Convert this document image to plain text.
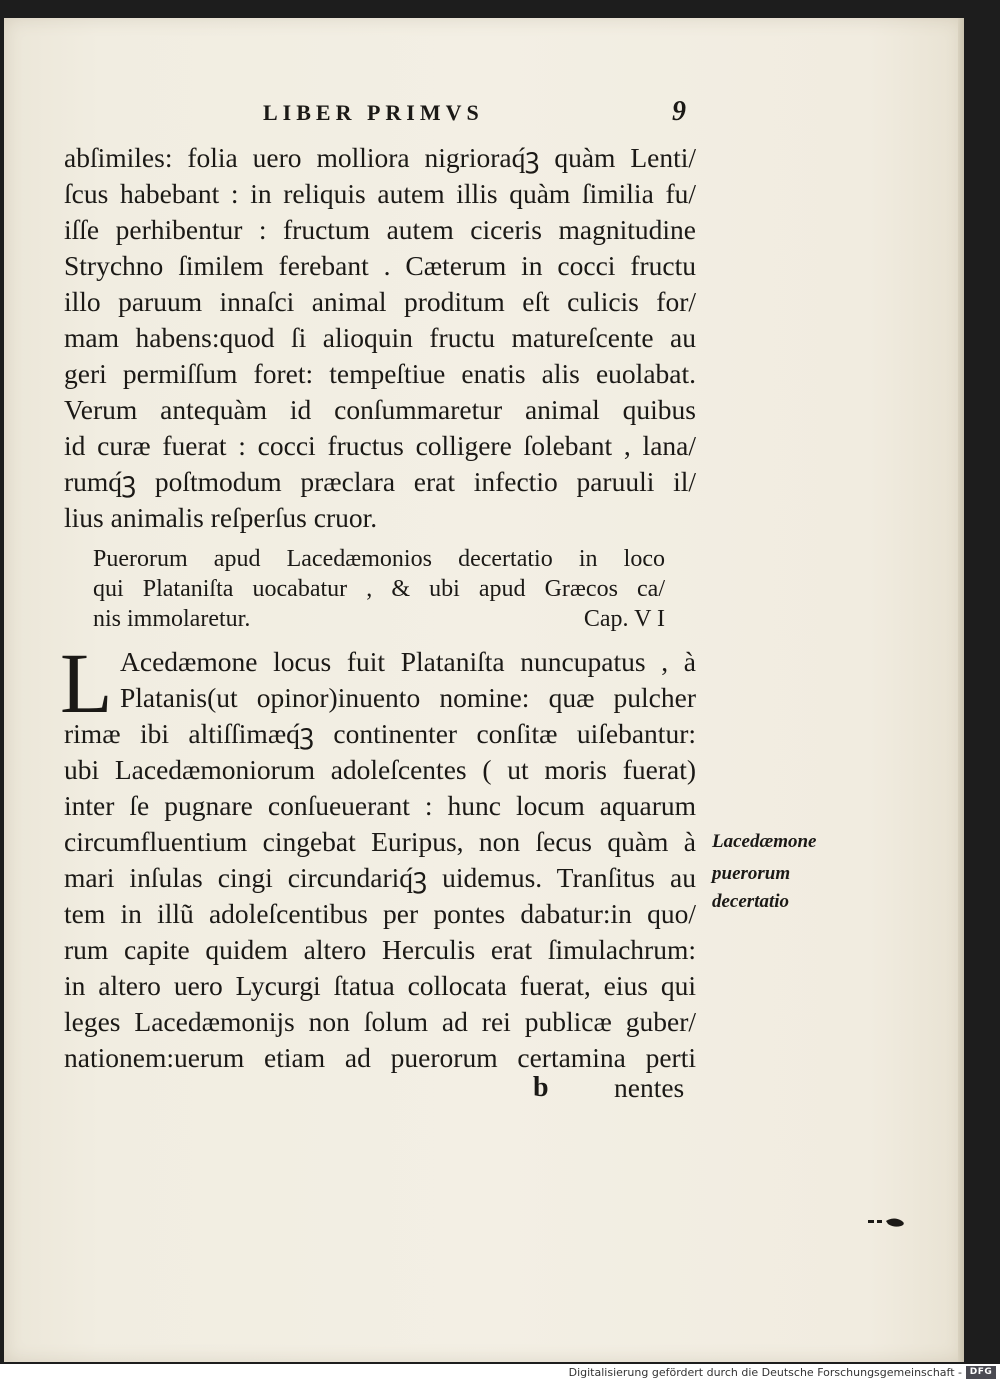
LIBER PRIMVS	9
abſimiles: folia uero molliora nigrioraq́ꝫ quàm Lenti/
ſcus habebant : in reliquis autem illis quàm ſimilia fu/
iſſe perhibentur : fructum autem ciceris magnitudine
Strychno ſimilem ferebant . Cæterum in cocci fructu
illo paruum innaſci animal proditum eſt culicis for/
mam habens:quod ſi alioquin fructu matureſcente au
geri permiſſum foret: tempeſtiue enatis alis euolabat.
Verum antequàm id conſummaretur animal quibus
id curæ fuerat : cocci fructus colligere ſolebant , lana/
rumq́ꝫ poſtmodum præclara erat infectio paruuli il/
lius animalis reſperſus cruor.
Puerorum apud Lacedæmonios decertatio in loco
qui Plataniſta uocabatur , & ubi apud Græcos ca/
nis immolaretur.	Cap. V I
L Acedæmone locus fuit Plataniſta nuncupatus , à
Platanis(ut opinor)inuento nomine: quæ pulcher
rimæ ibi altiſſimæq́ꝫ continenter conſitæ uiſebantur:
ubi Lacedæmoniorum adoleſcentes ( ut moris fuerat)
inter ſe pugnare conſueuerant : hunc locum aquarum
circumfluentium cingebat Euripus, non ſecus quàm à
mari inſulas cingi circundariq́ꝫ uidemus. Tranſitus au
tem in illũ adoleſcentibus per pontes dabatur:in quo/
rum capite quidem altero Herculis erat ſimulachrum:
in altero uero Lycurgi ſtatua collocata fuerat, eius qui
leges Lacedæmonĳs non ſolum ad rei publicæ guber/
nationem:uerum etiam ad puerorum certamina perti
Lacedæmone
puerorum
decertatio
b nentes
Digitalisierung gefördert durch die Deutsche Forschungsgemeinschaft - DFG
